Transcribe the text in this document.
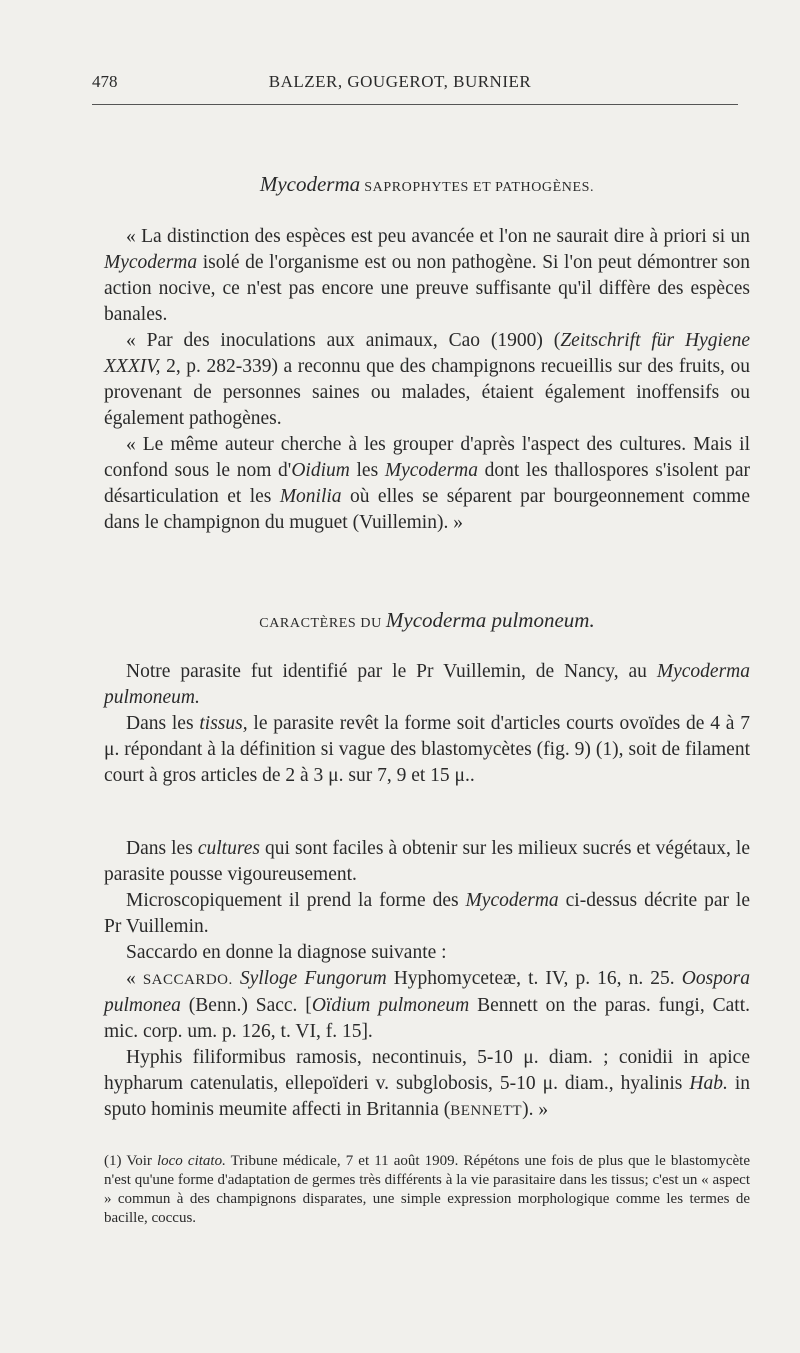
478	BALZER, GOUGEROT, BURNIER
Mycoderma SAPROPHYTES ET PATHOGÈNES.

« La distinction des espèces est peu avancée et l'on ne saurait dire à priori si un Mycoderma isolé de l'organisme est ou non pathogène. Si l'on peut démontrer son action nocive, ce n'est pas encore une preuve suffisante qu'il diffère des espèces banales.

« Par des inoculations aux animaux, Cao (1900) (Zeitschrift für Hygiene XXXIV, 2, p. 282-339) a reconnu que des champignons recueillis sur des fruits, ou provenant de personnes saines ou malades, étaient également inoffensifs ou également pathogènes.

« Le même auteur cherche à les grouper d'après l'aspect des cultures. Mais il confond sous le nom d'Oidium les Mycoderma dont les thallospores s'isolent par désarticulation et les Monilia où elles se séparent par bourgeonnement comme dans le champignon du muguet (Vuillemin). »

CARACTÈRES DU Mycoderma pulmoneum.

Notre parasite fut identifié par le Pr Vuillemin, de Nancy, au Mycoderma pulmoneum.

Dans les tissus, le parasite revêt la forme soit d'articles courts ovoïdes de 4 à 7 μ. répondant à la définition si vague des blastomycètes (fig. 9) (1), soit de filament court à gros articles de 2 à 3 μ. sur 7, 9 et 15 μ..

Dans les cultures qui sont faciles à obtenir sur les milieux sucrés et végétaux, le parasite pousse vigoureusement.

Microscopiquement il prend la forme des Mycoderma ci-dessus décrite par le Pr Vuillemin.

Saccardo en donne la diagnose suivante :

« SACCARDO. Sylloge Fungorum Hyphomyceteæ, t. IV, p. 16, n. 25. Oospora pulmonea (Benn.) Sacc. [Oïdium pulmoneum Bennett on the paras. fungi, Catt. mic. corp. um. p. 126, t. VI, f. 15].

Hyphis filiformibus ramosis, necontinuis, 5-10 μ. diam. ; conidii in apice hypharum catenulatis, ellepoïderi v. subglobosis, 5-10 μ. diam., hyalinis Hab. in sputo hominis meumite affecti in Britannia (BENNETT). »

(1) Voir loco citato. Tribune médicale, 7 et 11 août 1909. Répétons une fois de plus que le blastomycète n'est qu'une forme d'adaptation de germes très différents à la vie parasitaire dans les tissus; c'est un « aspect » commun à des champignons disparates, une simple expression morphologique comme les termes de bacille, coccus.
